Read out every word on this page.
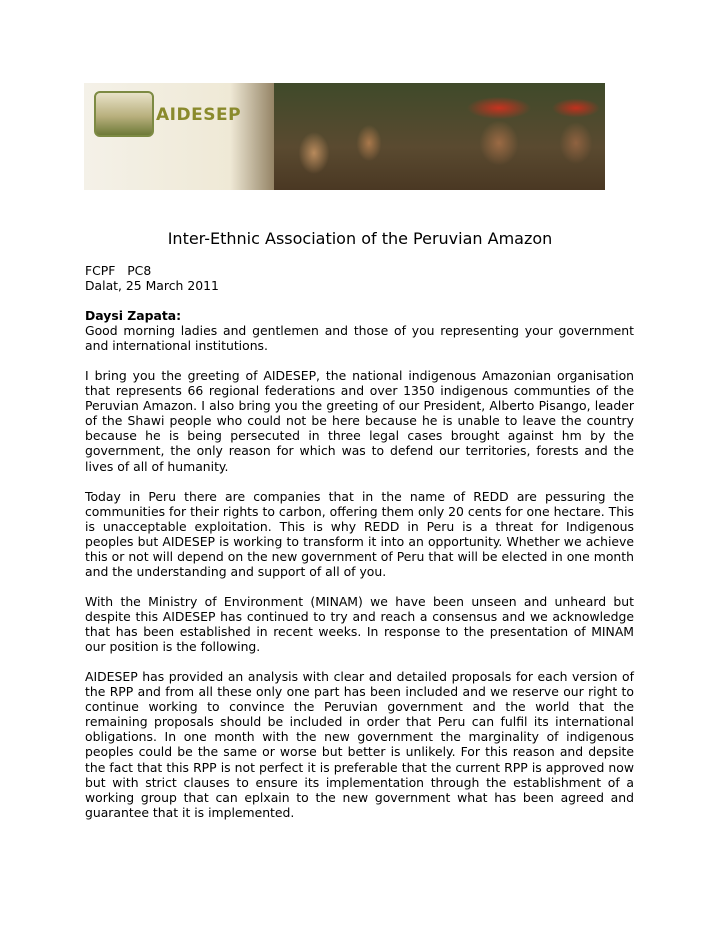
AIDESEP
Inter-Ethnic Association of the Peruvian Amazon
FCPF   PC8
Dalat, 25 March 2011
Daysi Zapata:
Good morning ladies and gentlemen and those of you representing your government and international institutions.
I bring you the greeting of AIDESEP, the national indigenous Amazonian organisation that represents 66 regional federations and over 1350 indigenous communties of the Peruvian Amazon. I also bring you the greeting of our President, Alberto Pisango, leader of the Shawi people who could not be here because he is unable to leave the country because he is being persecuted in three legal cases brought against hm by the government, the only reason for which was to defend our territories, forests and the lives of all of humanity.
Today in Peru there are companies that in the name of REDD are pessuring the communities for their rights to carbon, offering them only 20 cents for one hectare. This is unacceptable exploitation. This is why REDD in Peru is a threat for Indigenous peoples but AIDESEP is working to transform it into an opportunity. Whether we achieve this or not will depend on the new government of Peru that will be elected in one month and the understanding and support of all of you.
With the Ministry of Environment (MINAM) we have been unseen and unheard but despite this AIDESEP has continued to try and reach a consensus and we acknowledge that has been established in recent weeks. In response to the presentation of MINAM our position is the following.
AIDESEP has provided an analysis with clear and detailed proposals for each version of the RPP and from all these only one part has been included and we reserve our right to continue working to convince the Peruvian government and the world that the remaining proposals should be included in order that Peru can fulfil its international obligations. In one month with the new government the marginality of indigenous peoples could be the same or worse but better is unlikely. For this reason and depsite the fact that this RPP is not perfect it is preferable that the current RPP is approved now but with strict clauses to ensure its implementation through the establishment of a working group that can eplxain to the new government what has been agreed and guarantee that it is implemented.
